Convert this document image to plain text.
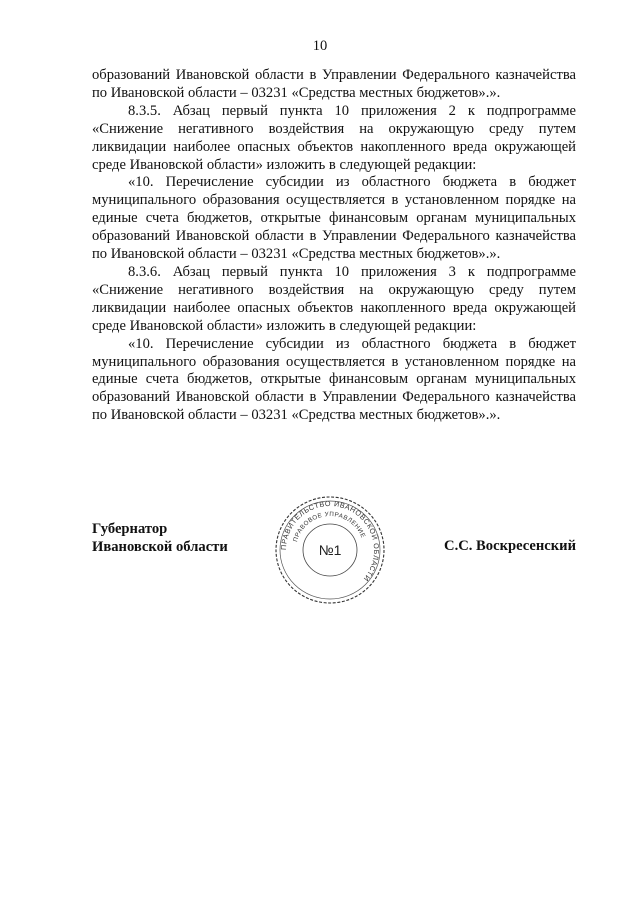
10

образований Ивановской области в Управлении Федерального казначейства по Ивановской области – 03231 «Средства местных бюджетов».».

8.3.5. Абзац первый пункта 10 приложения 2 к подпрограмме «Снижение негативного воздействия на окружающую среду путем ликвидации наиболее опасных объектов накопленного вреда окружающей среде Ивановской области» изложить в следующей редакции:

«10. Перечисление субсидии из областного бюджета в бюджет муниципального образования осуществляется в установленном порядке на единые счета бюджетов, открытые финансовым органам муниципальных образований Ивановской области в Управлении Федерального казначейства по Ивановской области – 03231 «Средства местных бюджетов».».

8.3.6. Абзац первый пункта 10 приложения 3 к подпрограмме «Снижение негативного воздействия на окружающую среду путем ликвидации наиболее опасных объектов накопленного вреда окружающей среде Ивановской области» изложить в следующей редакции:

«10. Перечисление субсидии из областного бюджета в бюджет муниципального образования осуществляется в установленном порядке на единые счета бюджетов, открытые финансовым органам муниципальных образований Ивановской области в Управлении Федерального казначейства по Ивановской области – 03231 «Средства местных бюджетов».».

Губернатор
Ивановской области	ПРАВИТЕЛЬСТВО ИВАНОВСКОЙ ОБЛАСТИ
ПРАВОВОЕ УПРАВЛЕНИЕ
№1	С.С. Воскресенский
